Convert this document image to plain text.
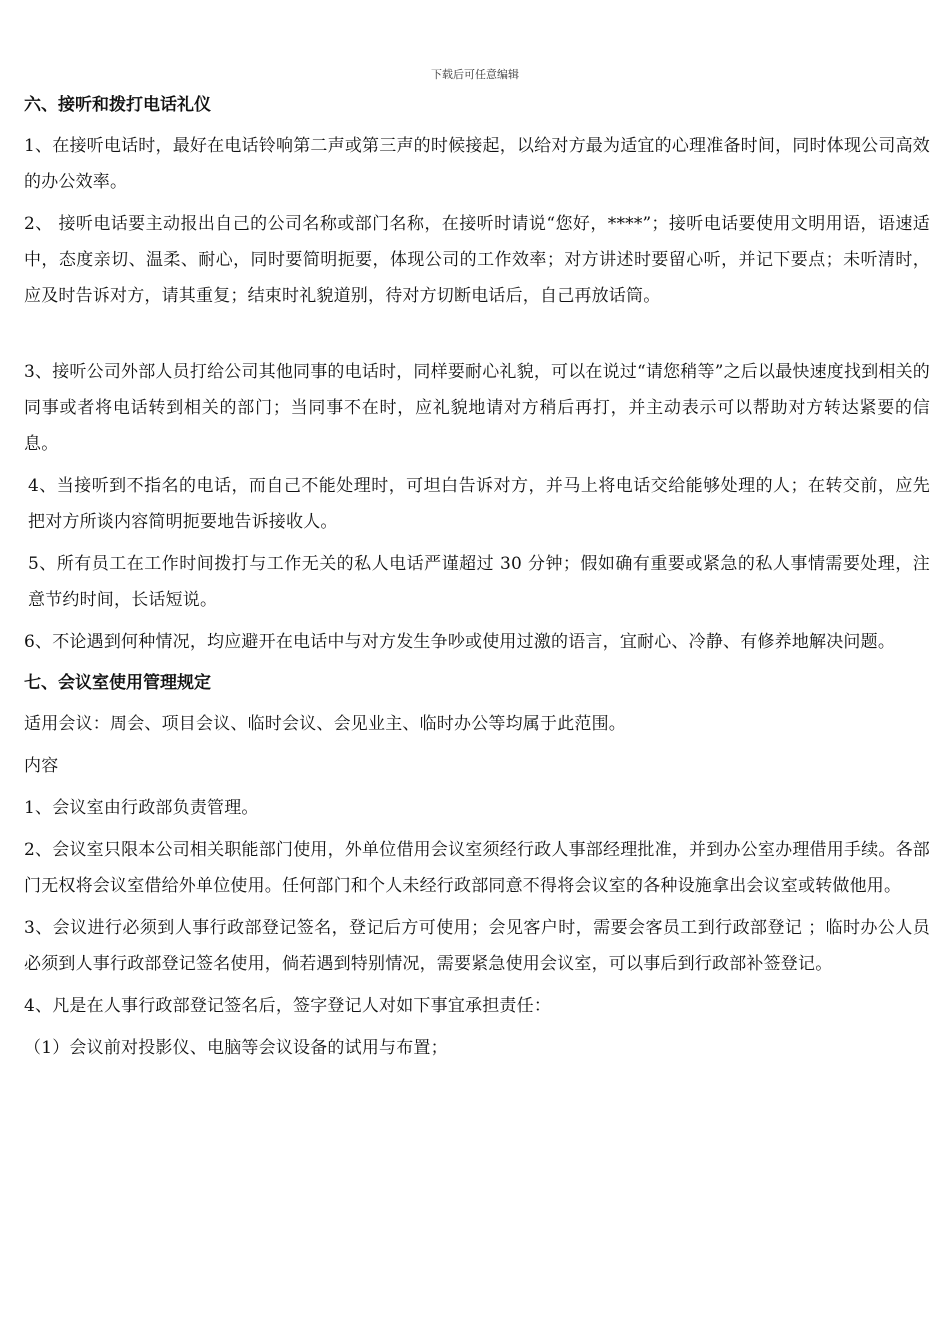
下载后可任意编辑
六、接听和拨打电话礼仪
1、在接听电话时，最好在电话铃响第二声或第三声的时候接起，以给对方最为适宜的心理准备时间，同时体现公司高效的办公效率。
2、 接听电话要主动报出自己的公司名称或部门名称，在接听时请说“您好，****”；接听电话要使用文明用语，语速适中，态度亲切、温柔、耐心，同时要简明扼要，体现公司的工作效率；对方讲述时要留心听，并记下要点；未听清时，应及时告诉对方，请其重复；结束时礼貌道别，待对方切断电话后，自己再放话筒。
3、接听公司外部人员打给公司其他同事的电话时，同样要耐心礼貌，可以在说过“请您稍等”之后以最快速度找到相关的同事或者将电话转到相关的部门；当同事不在时，应礼貌地请对方稍后再打，并主动表示可以帮助对方转达紧要的信息。
4、当接听到不指名的电话，而自己不能处理时，可坦白告诉对方，并马上将电话交给能够处理的人；在转交前，应先把对方所谈内容简明扼要地告诉接收人。
5、所有员工在工作时间拨打与工作无关的私人电话严谨超过 30 分钟；假如确有重要或紧急的私人事情需要处理，注意节约时间，长话短说。
6、不论遇到何种情况，均应避开在电话中与对方发生争吵或使用过激的语言，宜耐心、冷静、有修养地解决问题。
七、会议室使用管理规定
适用会议：周会、项目会议、临时会议、会见业主、临时办公等均属于此范围。
内容
1、会议室由行政部负责管理。
2、会议室只限本公司相关职能部门使用，外单位借用会议室须经行政人事部经理批准，并到办公室办理借用手续。各部门无权将会议室借给外单位使用。任何部门和个人未经行政部同意不得将会议室的各种设施拿出会议室或转做他用。
3、会议进行必须到人事行政部登记签名，登记后方可使用；会见客户时，需要会客员工到行政部登记 ；临时办公人员必须到人事行政部登记签名使用，倘若遇到特别情况，需要紧急使用会议室，可以事后到行政部补签登记。
4、凡是在人事行政部登记签名后，签字登记人对如下事宜承担责任：
（1）会议前对投影仪、电脑等会议设备的试用与布置；
